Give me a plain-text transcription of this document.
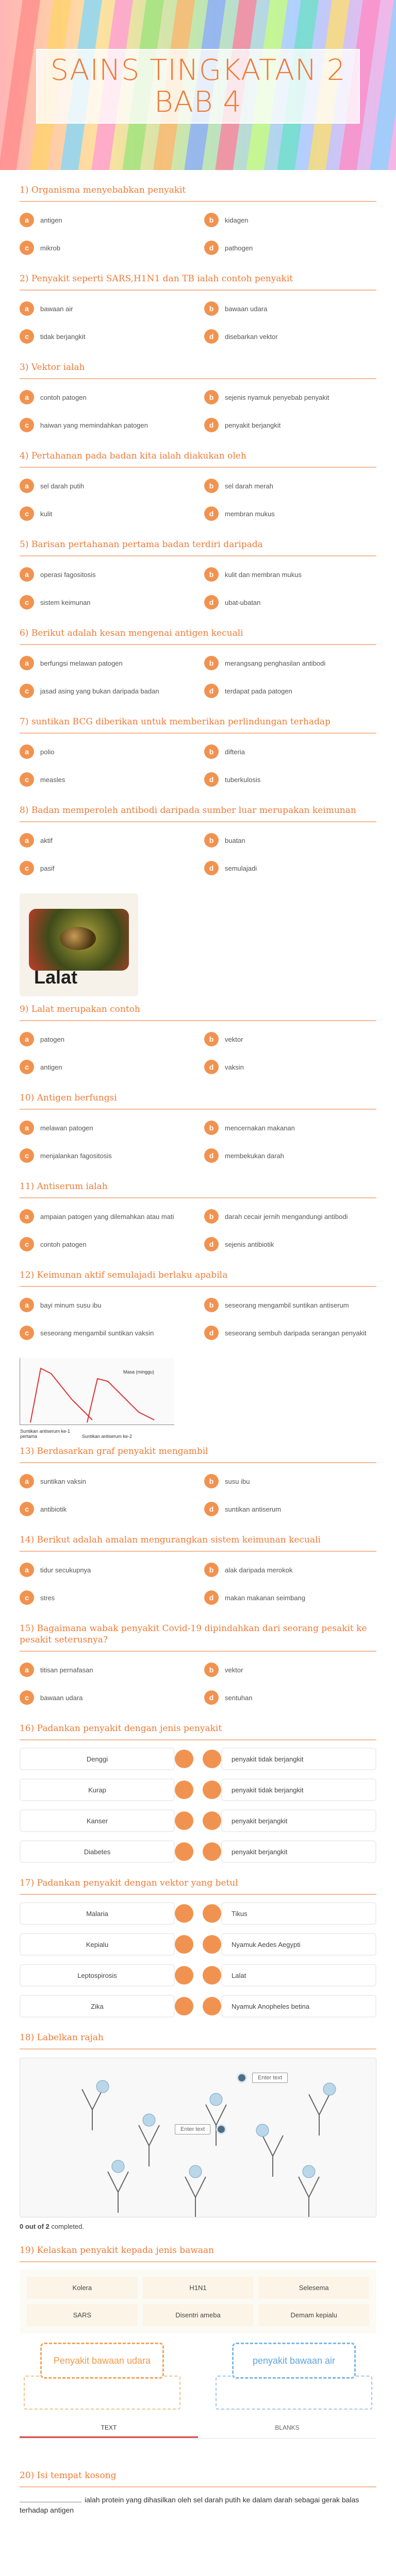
SAINS TINGKATAN 2 BAB 4
1) Organisma menyebabkan penyakit
a	antigen	b	kidagen
c	mikrob	d	pathogen
2) Penyakit seperti SARS,H1N1 dan TB ialah contoh penyakit
a	bawaan air	b	bawaan udara
c	tidak berjangkit	d	disebarkan vektor
3) Vektor ialah
a	contoh patogen	b	sejenis nyamuk penyebab penyakit
c	haiwan yang memindahkan patogen	d	penyakit berjangkit
4) Pertahanan pada badan kita ialah diakukan oleh
a	sel darah putih	b	sel darah merah
c	kulit	d	membran mukus
5) Barisan pertahanan pertama badan terdiri daripada
a	operasi fagositosis	b	kulit dan membran mukus
c	sistem keimunan	d	ubat-ubatan
6) Berikut adalah kesan mengenai antigen kecuali
a	berfungsi melawan patogen	b	merangsang penghasilan antibodi
c	jasad asing yang bukan daripada badan	d	terdapat pada patogen
7) suntikan BCG diberikan untuk memberikan perlindungan terhadap
a	polio	b	difteria
c	measles	d	tuberkulosis
8) Badan memperoleh antibodi daripada sumber luar merupakan keimunan
a	aktif	b	buatan
c	pasif	d	semulajadi
Lalat
9) Lalat merupakan contoh
a	patogen	b	vektor
c	antigen	d	vaksin
10) Antigen berfungsi
a	melawan patogen	b	mencernakan makanan
c	menjalankan fagositosis	d	membekukan darah
11) Antiserum ialah
a	ampaian patogen yang dilemahkan atau mati	b	darah cecair jernih mengandungi antibodi
c	contoh patogen	d	sejenis antibiotik
12) Keimunan aktif semulajadi berlaku apabila
a	bayi minum susu ibu	b	seseorang mengambil suntikan antiserum
c	seseorang mengambil suntikan vaksin	d	seseorang sembuh daripada serangan penyakit
Masa (minggu)
Suntikan antiserum ke-1 pertama	Suntikan antiserum ke-2
13) Berdasarkan graf penyakit mengambil
a	suntikan vaksin	b	susu ibu
c	antibiotik	d	suntikan antiserum
14) Berikut adalah amalan mengurangkan sistem keimunan kecuali
a	tidur secukupnya	b	alak daripada merokok
c	stres	d	makan makanan seimbang
15) Bagaimana wabak penyakit Covid-19 dipindahkan dari seorang pesakit ke pesakit seterusnya?
a	titisan pernafasan	b	vektor
c	bawaan udara	d	sentuhan
16) Padankan penyakit dengan jenis penyakit
Denggi	penyakit tidak berjangkit
Kurap	penyakit tidak berjangkit
Kanser	penyakit berjangkit
Diabetes	penyakit berjangkit
17) Padankan penyakit dengan vektor yang betul
Malaria	Tikus
Kepialu	Nyamuk Aedes Aegypti
Leptospirosis	Lalat
Zika	Nyamuk Anopheles betina
18) Labelkan rajah
Enter text
Enter text
0 out of 2 completed.
19) Kelaskan penyakit kepada jenis bawaan
Kolera	H1N1	Selesema
SARS	Disentri ameba	Demam kepialu
Penyakit bawaan udara	penyakit bawaan air
TEXT	BLANKS
20) Isi tempat kosong
ialah protein yang dihasilkan oleh sel darah putih ke dalam darah sebagai gerak balas terhadap antigen
